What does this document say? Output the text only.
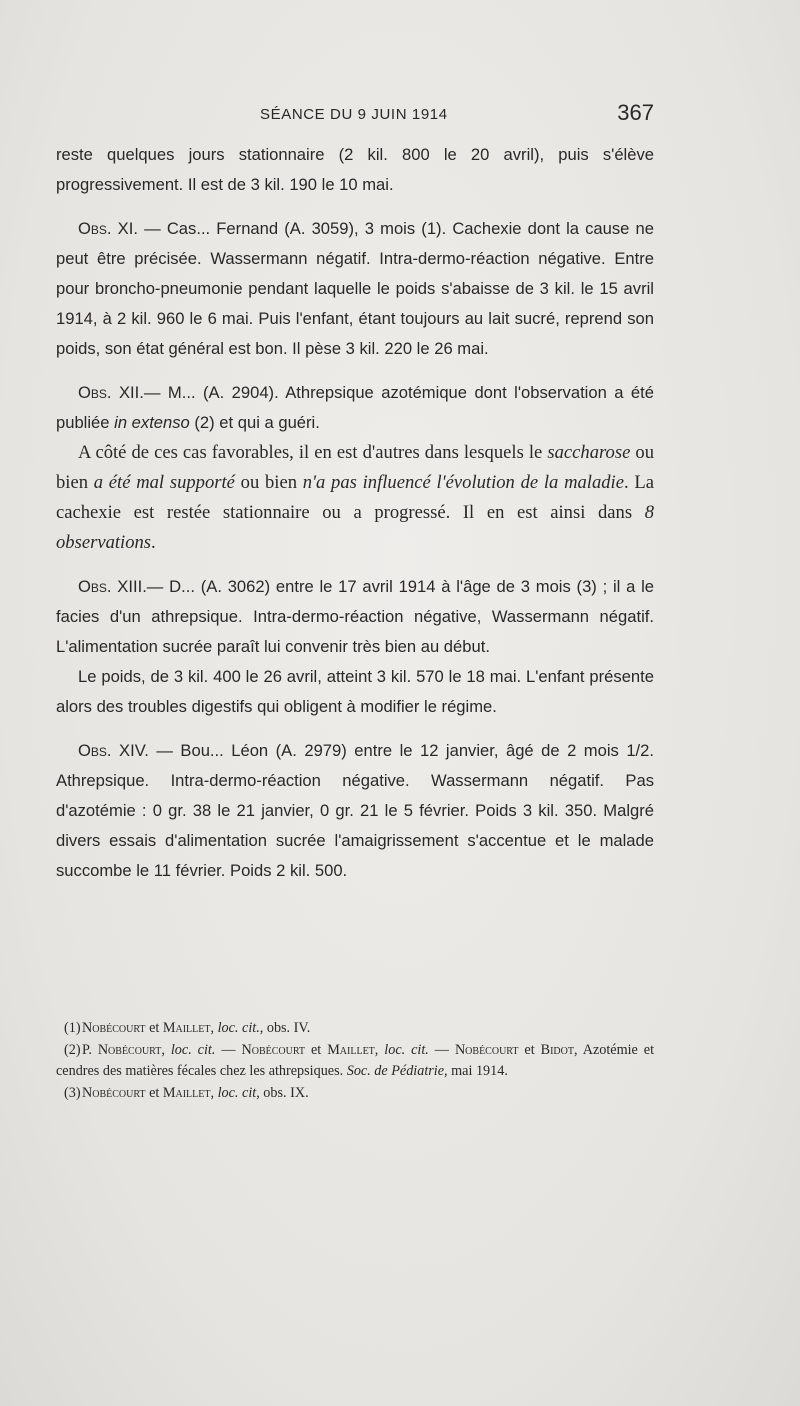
SÉANCE DU 9 JUIN 1914	367

reste quelques jours stationnaire (2 kil. 800 le 20 avril), puis s'élève progressivement. Il est de 3 kil. 190 le 10 mai.

Obs. XI. — Cas... Fernand (A. 3059), 3 mois (1). Cachexie dont la cause ne peut être précisée. Wassermann négatif. Intra-dermo-réaction négative. Entre pour broncho-pneumonie pendant laquelle le poids s'abaisse de 3 kil. le 15 avril 1914, à 2 kil. 960 le 6 mai. Puis l'enfant, étant toujours au lait sucré, reprend son poids, son état général est bon. Il pèse 3 kil. 220 le 26 mai.

Obs. XII.— M... (A. 2904). Athrepsique azotémique dont l'observation a été publiée in extenso (2) et qui a guéri.

A côté de ces cas favorables, il en est d'autres dans lesquels le saccharose ou bien a été mal supporté ou bien n'a pas influencé l'évolution de la maladie. La cachexie est restée stationnaire ou a progressé. Il en est ainsi dans 8 observations.

Obs. XIII.— D... (A. 3062) entre le 17 avril 1914 à l'âge de 3 mois (3) ; il a le facies d'un athrepsique. Intra-dermo-réaction négative, Wassermann négatif. L'alimentation sucrée paraît lui convenir très bien au début.

Le poids, de 3 kil. 400 le 26 avril, atteint 3 kil. 570 le 18 mai. L'enfant présente alors des troubles digestifs qui obligent à modifier le régime.

Obs. XIV. — Bou... Léon (A. 2979) entre le 12 janvier, âgé de 2 mois 1/2. Athrepsique. Intra-dermo-réaction négative. Wassermann négatif. Pas d'azotémie : 0 gr. 38 le 21 janvier, 0 gr. 21 le 5 février. Poids 3 kil. 350. Malgré divers essais d'alimentation sucrée l'amaigrissement s'accentue et le malade succombe le 11 février. Poids 2 kil. 500.

(1)Nobécourt et Maillet, loc. cit., obs. IV.

(2)P. Nobécourt, loc. cit. — Nobécourt et Maillet, loc. cit. — Nobécourt et Bidot, Azotémie et cendres des matières fécales chez les athrepsiques. Soc. de Pédiatrie, mai 1914.

(3)Nobécourt et Maillet, loc. cit, obs. IX.
